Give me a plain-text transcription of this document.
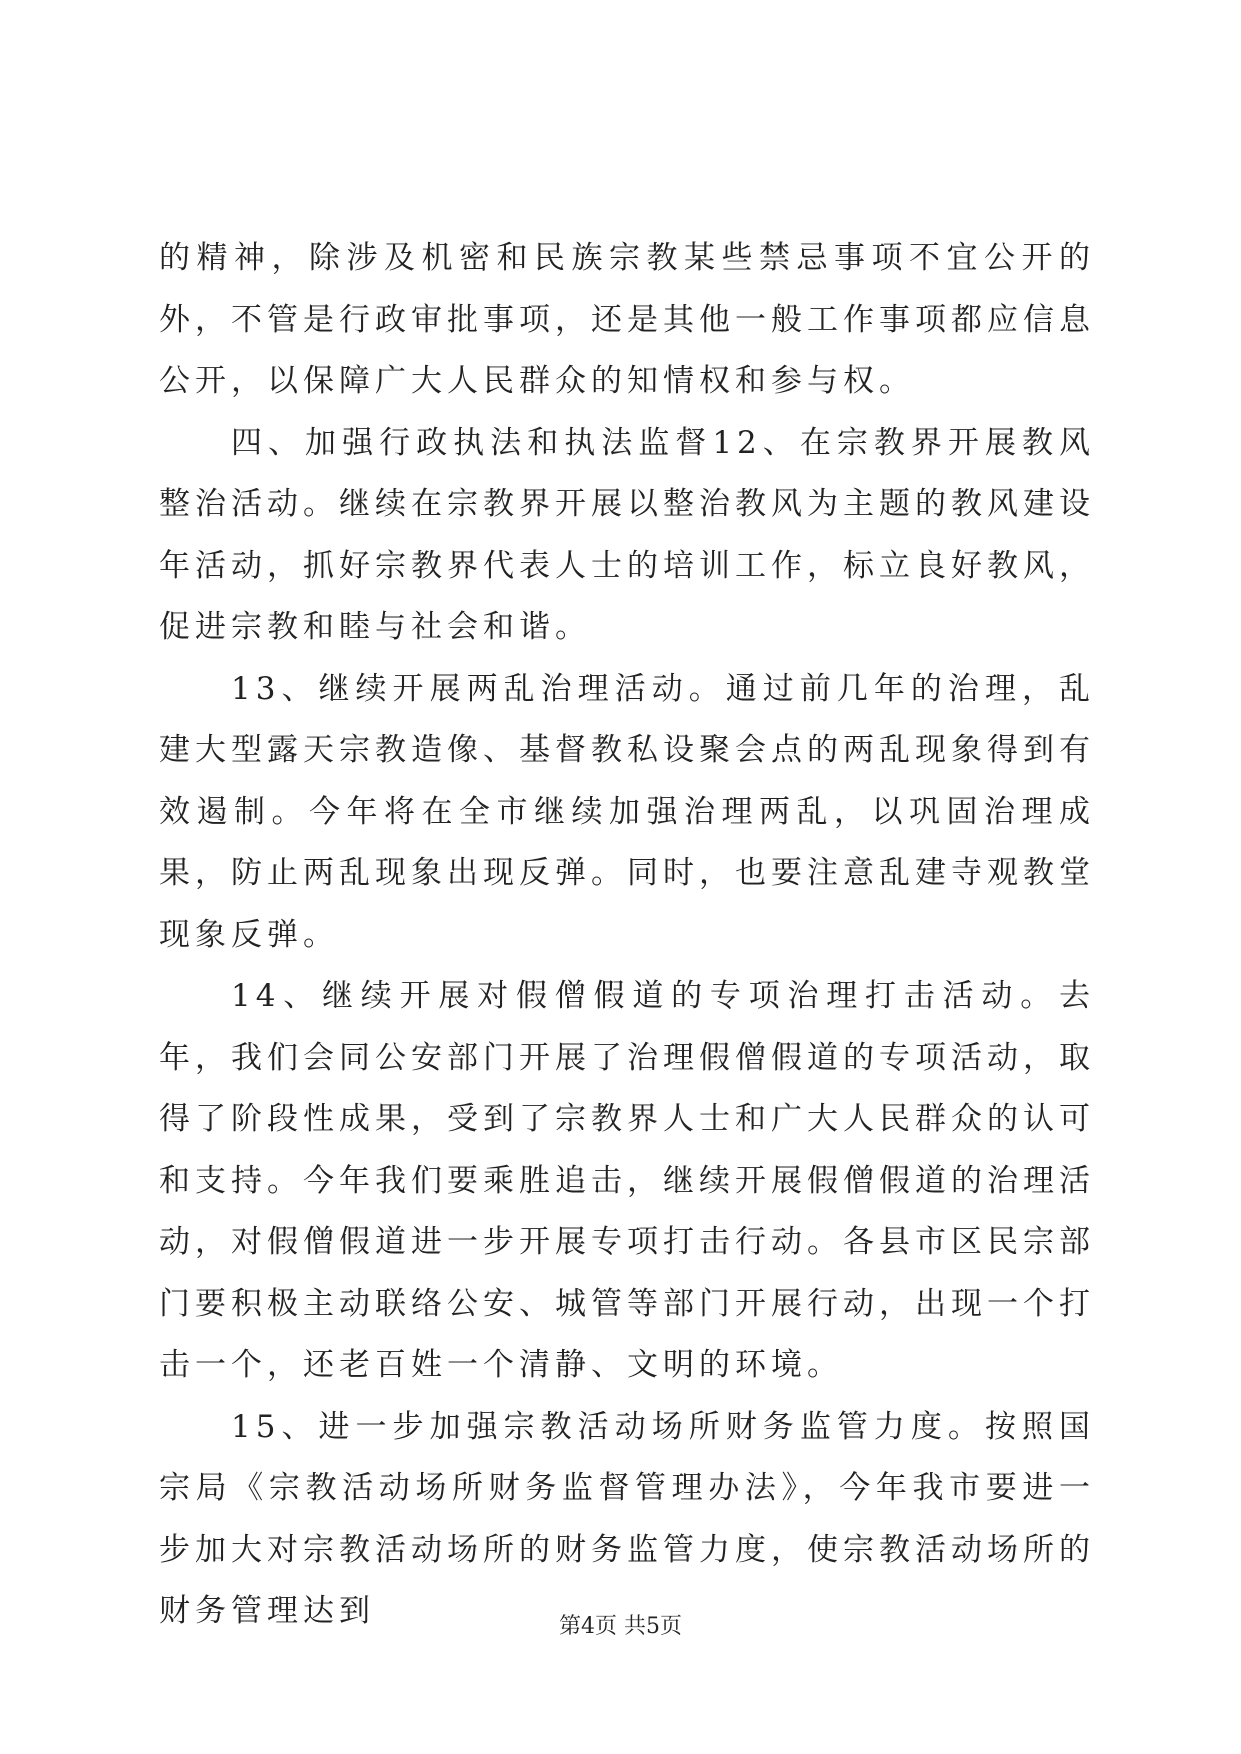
的精神，除涉及机密和民族宗教某些禁忌事项不宜公开的外，不管是行政审批事项，还是其他一般工作事项都应信息公开，以保障广大人民群众的知情权和参与权。

四、加强行政执法和执法监督12、在宗教界开展教风整治活动。继续在宗教界开展以整治教风为主题的教风建设年活动，抓好宗教界代表人士的培训工作，标立良好教风，促进宗教和睦与社会和谐。

13、继续开展两乱治理活动。通过前几年的治理，乱建大型露天宗教造像、基督教私设聚会点的两乱现象得到有效遏制。今年将在全市继续加强治理两乱，以巩固治理成果，防止两乱现象出现反弹。同时，也要注意乱建寺观教堂现象反弹。

14、继续开展对假僧假道的专项治理打击活动。去年，我们会同公安部门开展了治理假僧假道的专项活动，取得了阶段性成果，受到了宗教界人士和广大人民群众的认可和支持。今年我们要乘胜追击，继续开展假僧假道的治理活动，对假僧假道进一步开展专项打击行动。各县市区民宗部门要积极主动联络公安、城管等部门开展行动，出现一个打击一个，还老百姓一个清静、文明的环境。

15、进一步加强宗教活动场所财务监管力度。按照国宗局《宗教活动场所财务监督管理办法》，今年我市要进一步加大对宗教活动场所的财务监管力度，使宗教活动场所的财务管理达到	第4页 共5页
